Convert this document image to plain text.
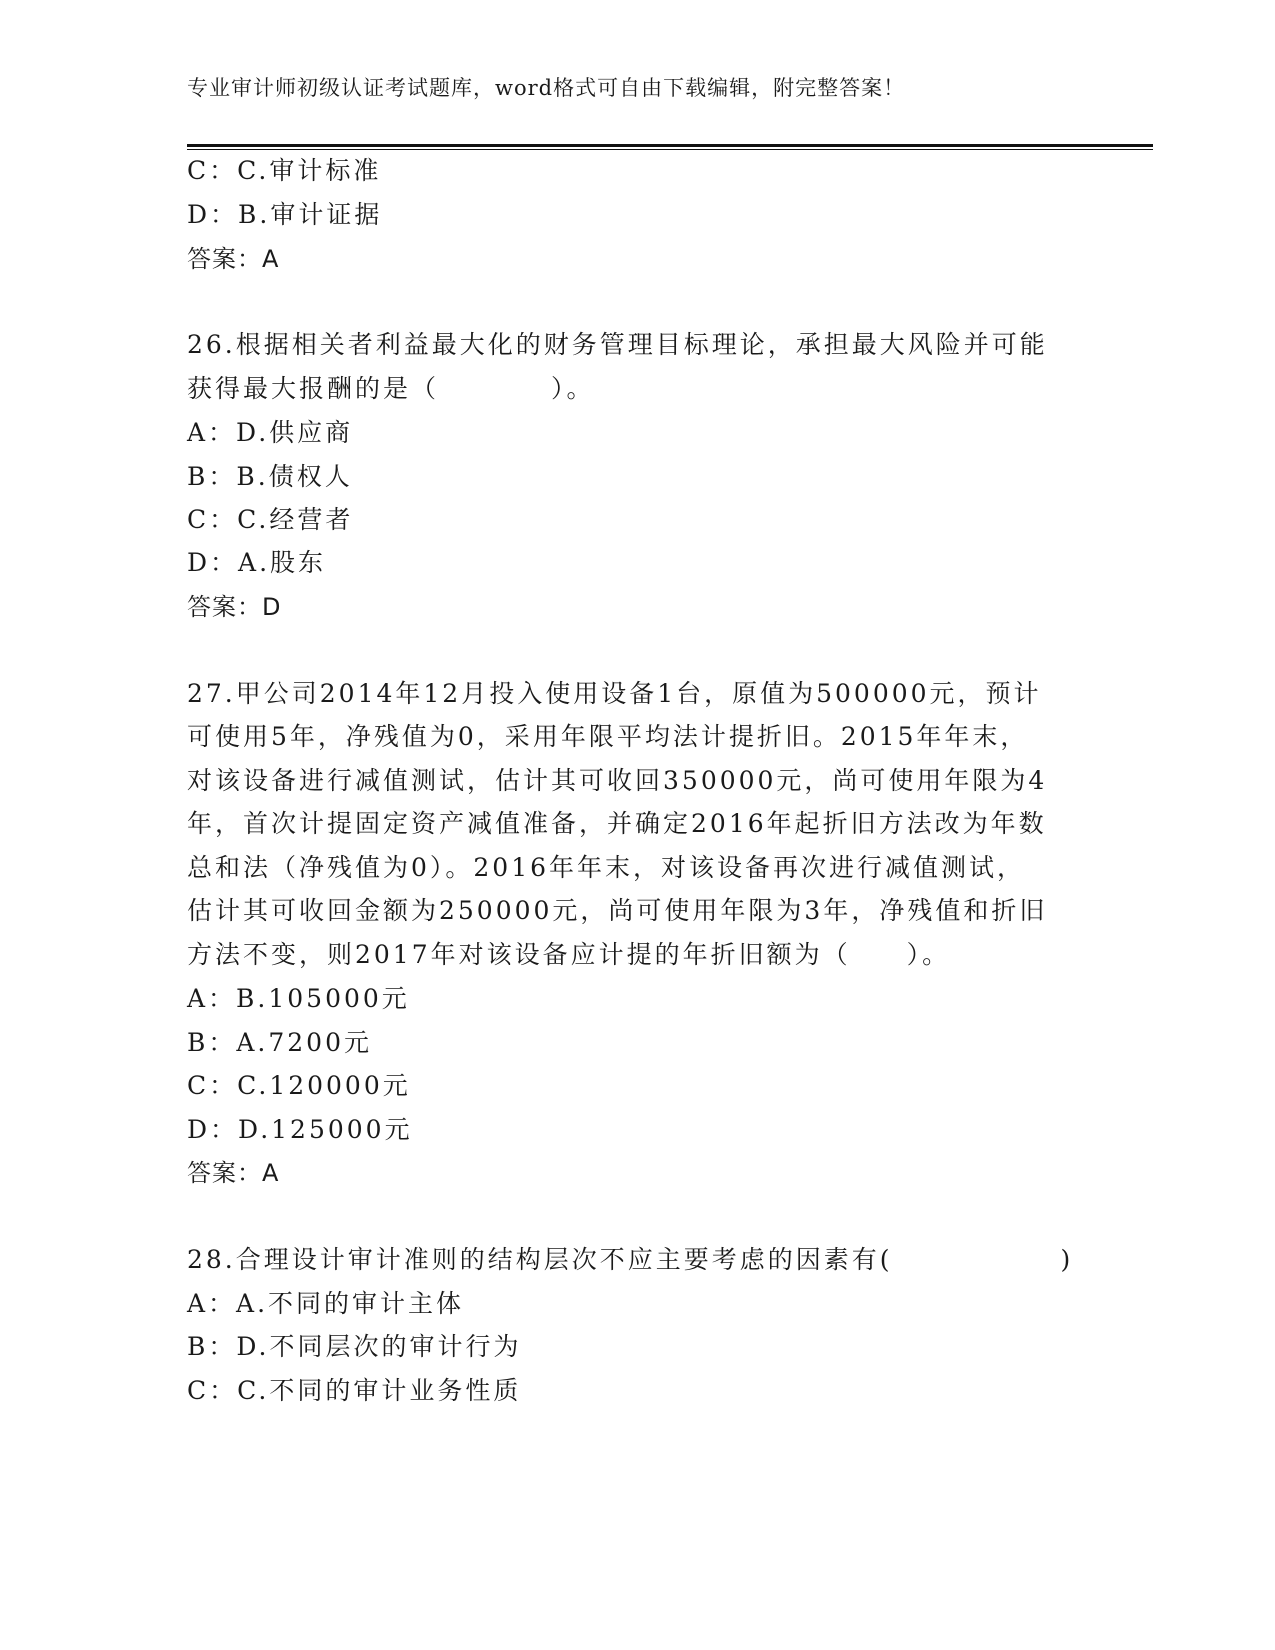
专业审计师初级认证考试题库，word格式可自由下载编辑，附完整答案！
C：C.审计标准
D：B.审计证据
答案：A
26.根据相关者利益最大化的财务管理目标理论，承担最大风险并可能
获得最大报酬的是（　　　　）。
A：D.供应商
B：B.债权人
C：C.经营者
D：A.股东
答案：D
27.甲公司2014年12月投入使用设备1台，原值为500000元，预计
可使用5年，净残值为0，采用年限平均法计提折旧。2015年年末，
对该设备进行减值测试，估计其可收回350000元，尚可使用年限为4
年，首次计提固定资产减值准备，并确定2016年起折旧方法改为年数
总和法（净残值为0）。2016年年末，对该设备再次进行减值测试，
估计其可收回金额为250000元，尚可使用年限为3年，净残值和折旧
方法不变，则2017年对该设备应计提的年折旧额为（　　）。
A：B.105000元
B：A.7200元
C：C.120000元
D：D.125000元
答案：A
28.合理设计审计准则的结构层次不应主要考虑的因素有(　　　　　　)
A：A.不同的审计主体
B：D.不同层次的审计行为
C：C.不同的审计业务性质
